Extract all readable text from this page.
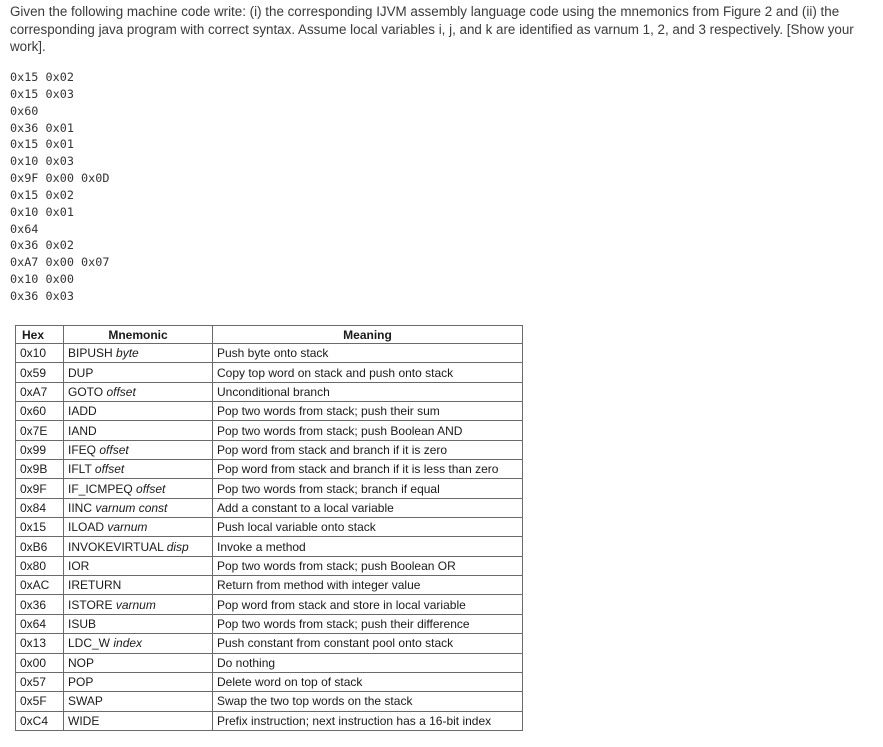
Given the following machine code write: (i) the corresponding IJVM assembly language code using the mnemonics from Figure 2 and (ii) the corresponding java program with correct syntax. Assume local variables i, j, and k are identified as varnum 1, 2, and 3 respectively. [Show your work].

0x15 0x02
0x15 0x03
0x60
0x36 0x01
0x15 0x01
0x10 0x03
0x9F 0x00 0x0D
0x15 0x02
0x10 0x01
0x64
0x36 0x02
0xA7 0x00 0x07
0x10 0x00
0x36 0x03
Hex	Mnemonic	Meaning
0x10	BIPUSH byte	Push byte onto stack
0x59	DUP	Copy top word on stack and push onto stack
0xA7	GOTO offset	Unconditional branch
0x60	IADD	Pop two words from stack; push their sum
0x7E	IAND	Pop two words from stack; push Boolean AND
0x99	IFEQ offset	Pop word from stack and branch if it is zero
0x9B	IFLT offset	Pop word from stack and branch if it is less than zero
0x9F	IF_ICMPEQ offset	Pop two words from stack; branch if equal
0x84	IINC varnum const	Add a constant to a local variable
0x15	ILOAD varnum	Push local variable onto stack
0xB6	INVOKEVIRTUAL disp	Invoke a method
0x80	IOR	Pop two words from stack; push Boolean OR
0xAC	IRETURN	Return from method with integer value
0x36	ISTORE varnum	Pop word from stack and store in local variable
0x64	ISUB	Pop two words from stack; push their difference
0x13	LDC_W index	Push constant from constant pool onto stack
0x00	NOP	Do nothing
0x57	POP	Delete word on top of stack
0x5F	SWAP	Swap the two top words on the stack
0xC4	WIDE	Prefix instruction; next instruction has a 16-bit index
